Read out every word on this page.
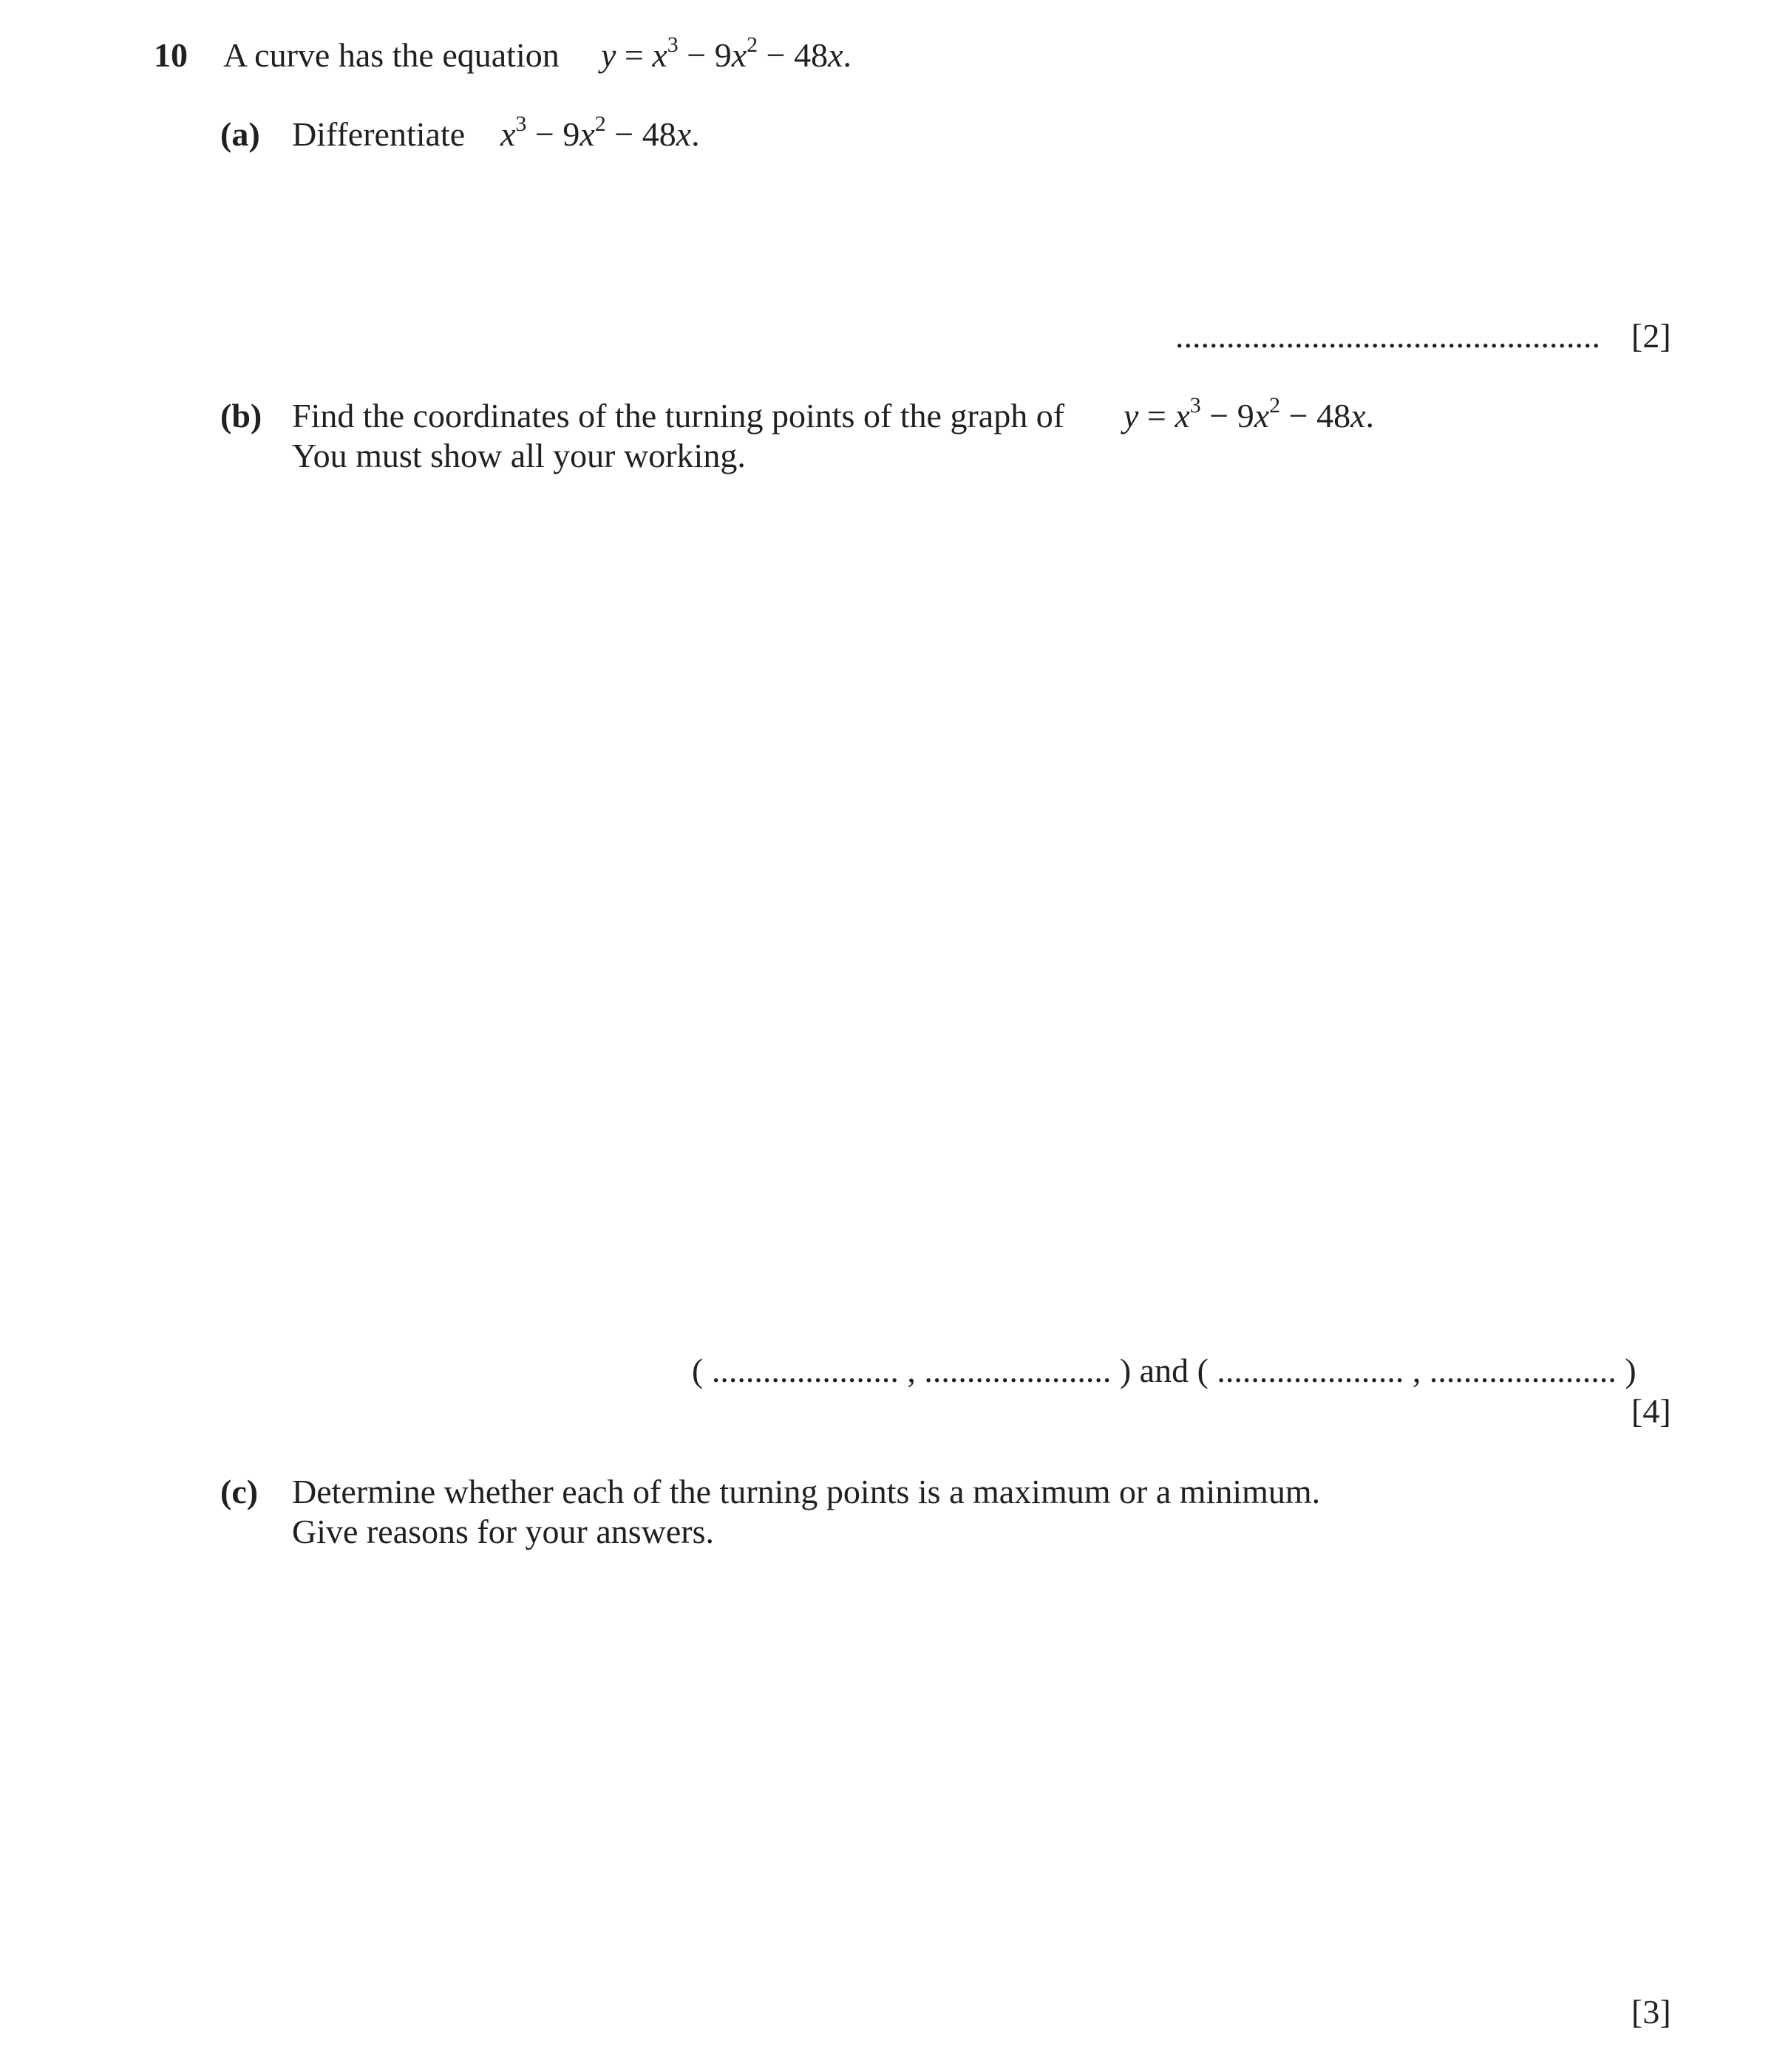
10 A curve has the equation $y = x^3 - 9x^2 - 48x$.
(a) Differentiate $x^3 - 9x^2 - 48x$.
.................................................. [2]
(b) Find the coordinates of the turning points of the graph of $y = x^3 - 9x^2 - 48x$.
You must show all your working.
( ...................... , ...................... ) and ( ...................... , ...................... )
[4]
(c) Determine whether each of the turning points is a maximum or a minimum.
Give reasons for your answers.
[3]
